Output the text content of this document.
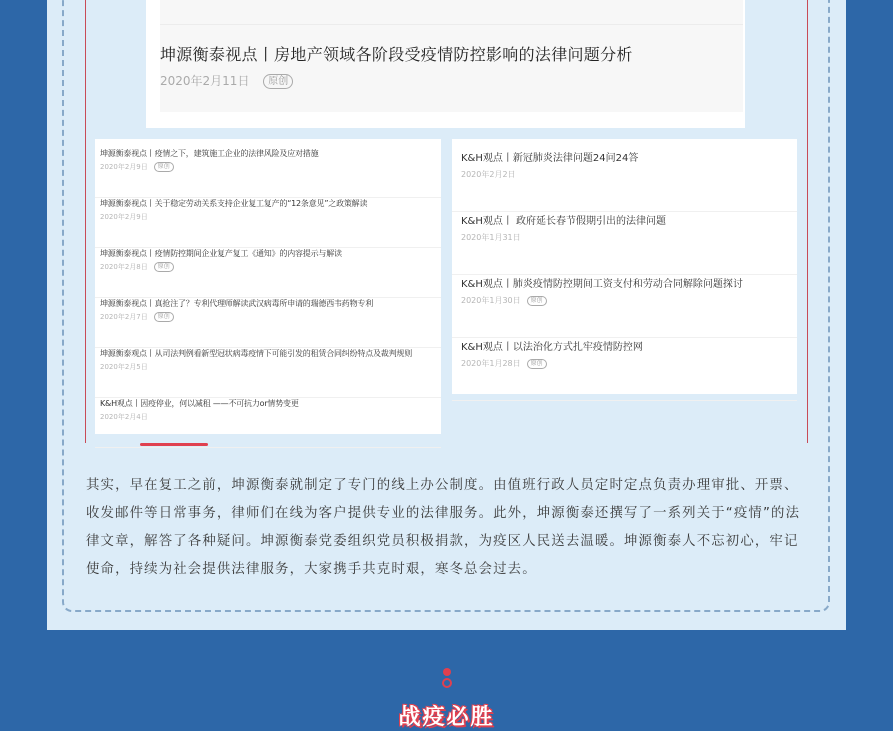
坤源衡泰视点丨房地产领域各阶段受疫情防控影响的法律问题分析
2020年2月11日 原创
坤源衡泰视点丨疫情之下，建筑施工企业的法律风险及应对措施
2020年2月9日 原创
坤源衡泰视点丨关于稳定劳动关系支持企业复工复产的“12条意见”之政策解读
2020年2月9日
坤源衡泰视点丨疫情防控期间企业复产复工《通知》的内容提示与解读
2020年2月8日 原创
坤源衡泰视点丨真抢注了？专利代理师解读武汉病毒所申请的瑞德西韦药物专利
2020年2月7日 原创
坤源衡泰观点丨从司法判例看新型冠状病毒疫情下可能引发的租赁合同纠纷特点及裁判规则
2020年2月5日
K&H观点丨因疫停业，何以减租 ——不可抗力or情势变更
2020年2月4日
K&H观点丨新冠肺炎法律问题24问24答
2020年2月2日
K&H观点丨 政府延长春节假期引出的法律问题
2020年1月31日
K&H观点丨肺炎疫情防控期间工资支付和劳动合同解除问题探讨
2020年1月30日 原创
K&H观点丨以法治化方式扎牢疫情防控网
2020年1月28日 原创
其实，早在复工之前，坤源衡泰就制定了专门的线上办公制度。由值班行政人员定时定点负责办理审批、开票、收发邮件等日常事务，律师们在线为客户提供专业的法律服务。此外，坤源衡泰还撰写了一系列关于“疫情”的法律文章，解答了各种疑问。坤源衡泰党委组织党员积极捐款，为疫区人民送去温暖。坤源衡泰人不忘初心，牢记使命，持续为社会提供法律服务，大家携手共克时艰，寒冬总会过去。
战疫必胜
